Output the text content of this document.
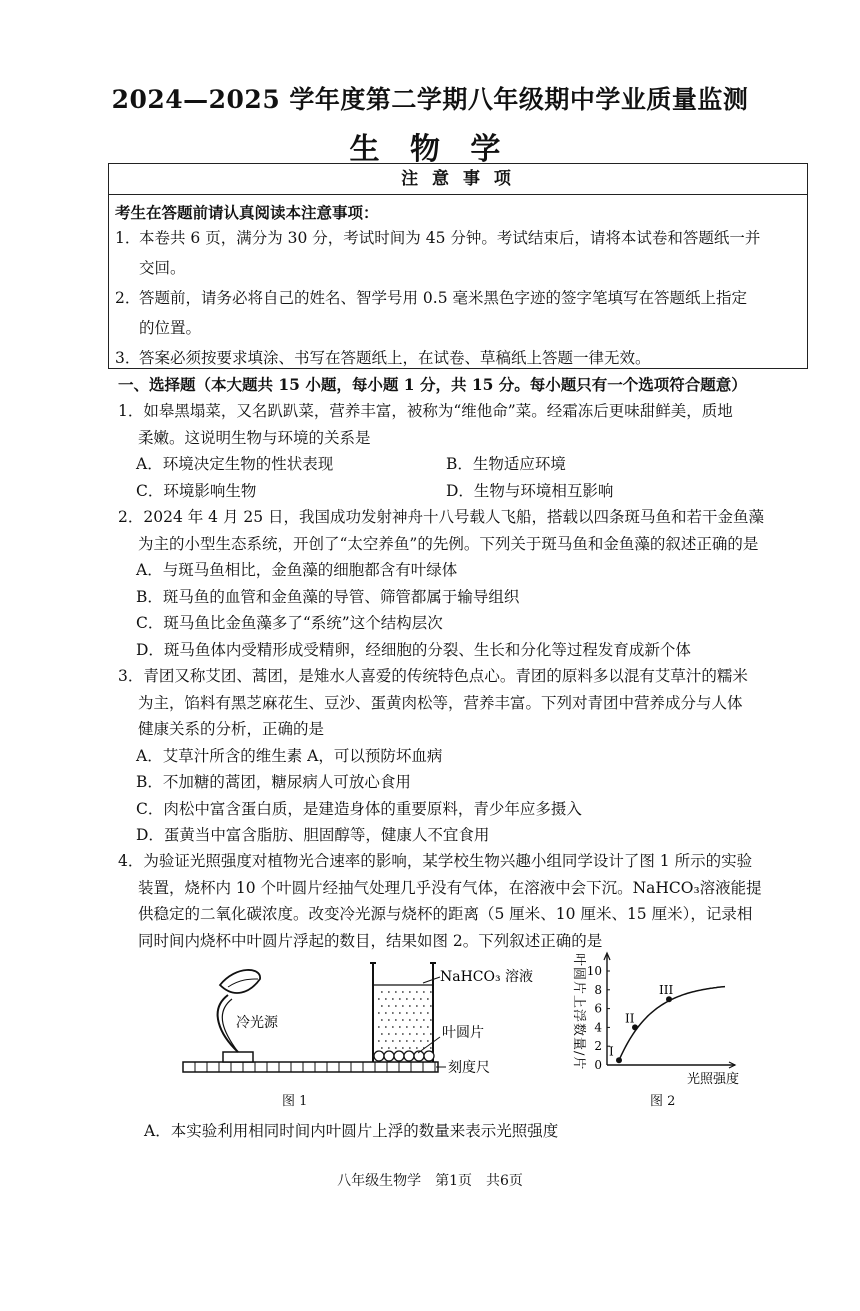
2024—2025 学年度第二学期八年级期中学业质量监测
生 物 学
注 意 事 项
考生在答题前请认真阅读本注意事项：
1．本卷共 6 页，满分为 30 分，考试时间为 45 分钟。考试结束后，请将本试卷和答题纸一并
交回。
2．答题前，请务必将自己的姓名、智学号用 0.5 毫米黑色字迹的签字笔填写在答题纸上指定
的位置。
3．答案必须按要求填涂、书写在答题纸上，在试卷、草稿纸上答题一律无效。
一、选择题（本大题共 15 小题，每小题 1 分，共 15 分。每小题只有一个选项符合题意）
1．如皋黑塌菜，又名趴趴菜，营养丰富，被称为“维他命”菜。经霜冻后更味甜鲜美，质地
柔嫩。这说明生物与环境的关系是
A．环境决定生物的性状表现	B．生物适应环境
C．环境影响生物	D．生物与环境相互影响
2．2024 年 4 月 25 日，我国成功发射神舟十八号载人飞船，搭载以四条斑马鱼和若干金鱼藻
为主的小型生态系统，开创了“太空养鱼”的先例。下列关于斑马鱼和金鱼藻的叙述正确的是
A．与斑马鱼相比，金鱼藻的细胞都含有叶绿体
B．斑马鱼的血管和金鱼藻的导管、筛管都属于输导组织
C．斑马鱼比金鱼藻多了“系统”这个结构层次
D．斑马鱼体内受精形成受精卵，经细胞的分裂、生长和分化等过程发育成新个体
3．青团又称艾团、蒿团，是雉水人喜爱的传统特色点心。青团的原料多以混有艾草汁的糯米
为主，馅料有黑芝麻花生、豆沙、蛋黄肉松等，营养丰富。下列对青团中营养成分与人体
健康关系的分析，正确的是
A．艾草汁所含的维生素 A，可以预防坏血病
B．不加糖的蒿团，糖尿病人可放心食用
C．肉松中富含蛋白质，是建造身体的重要原料，青少年应多摄入
D．蛋黄当中富含脂肪、胆固醇等，健康人不宜食用
4．为验证光照强度对植物光合速率的影响，某学校生物兴趣小组同学设计了图 1 所示的实验
装置，烧杯内 10 个叶圆片经抽气处理几乎没有气体，在溶液中会下沉。NaHCO₃溶液能提
供稳定的二氧化碳浓度。改变冷光源与烧杯的距离（5 厘米、10 厘米、15 厘米），记录相
同时间内烧杯中叶圆片浮起的数目，结果如图 2。下列叙述正确的是
NaHCO₃ 溶液
冷光源
叶圆片
刻度尺
图 1
0
2
4
6
8
10
I
II
III
叶圆片上浮数量/片
光照强度
图 2
A．本实验利用相同时间内叶圆片上浮的数量来表示光照强度
八年级生物学　第1页　共6页
